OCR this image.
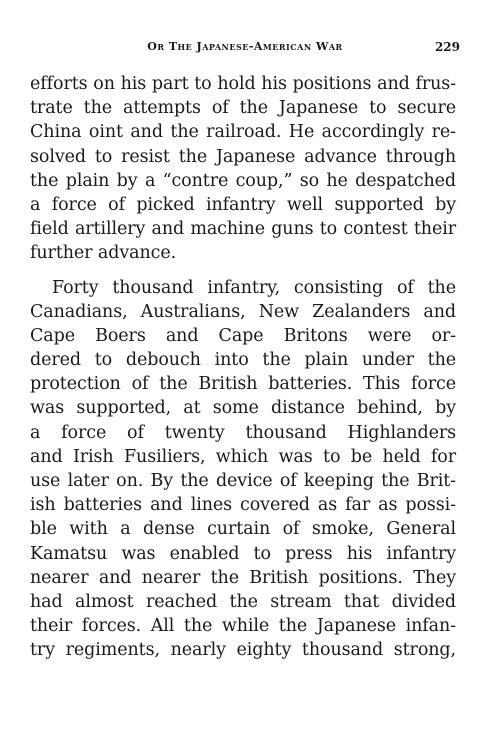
Or The Japanese-American War	229
efforts on his part to hold his positions and frus-
trate the attempts of the Japanese to secure
China oint and the railroad. He accordingly re-
solved to resist the Japanese advance through
the plain by a “contre coup,” so he despatched
a force of picked infantry well supported by
field artillery and machine guns to contest their
further advance.
Forty thousand infantry, consisting of the
Canadians, Australians, New Zealanders and
Cape Boers and Cape Britons were or-
dered to debouch into the plain under the
protection of the British batteries. This force
was supported, at some distance behind, by
a force of twenty thousand Highlanders
and Irish Fusiliers, which was to be held for
use later on. By the device of keeping the Brit-
ish batteries and lines covered as far as possi-
ble with a dense curtain of smoke, General
Kamatsu was enabled to press his infantry
nearer and nearer the British positions. They
had almost reached the stream that divided
their forces. All the while the Japanese infan-
try regiments, nearly eighty thousand strong,
